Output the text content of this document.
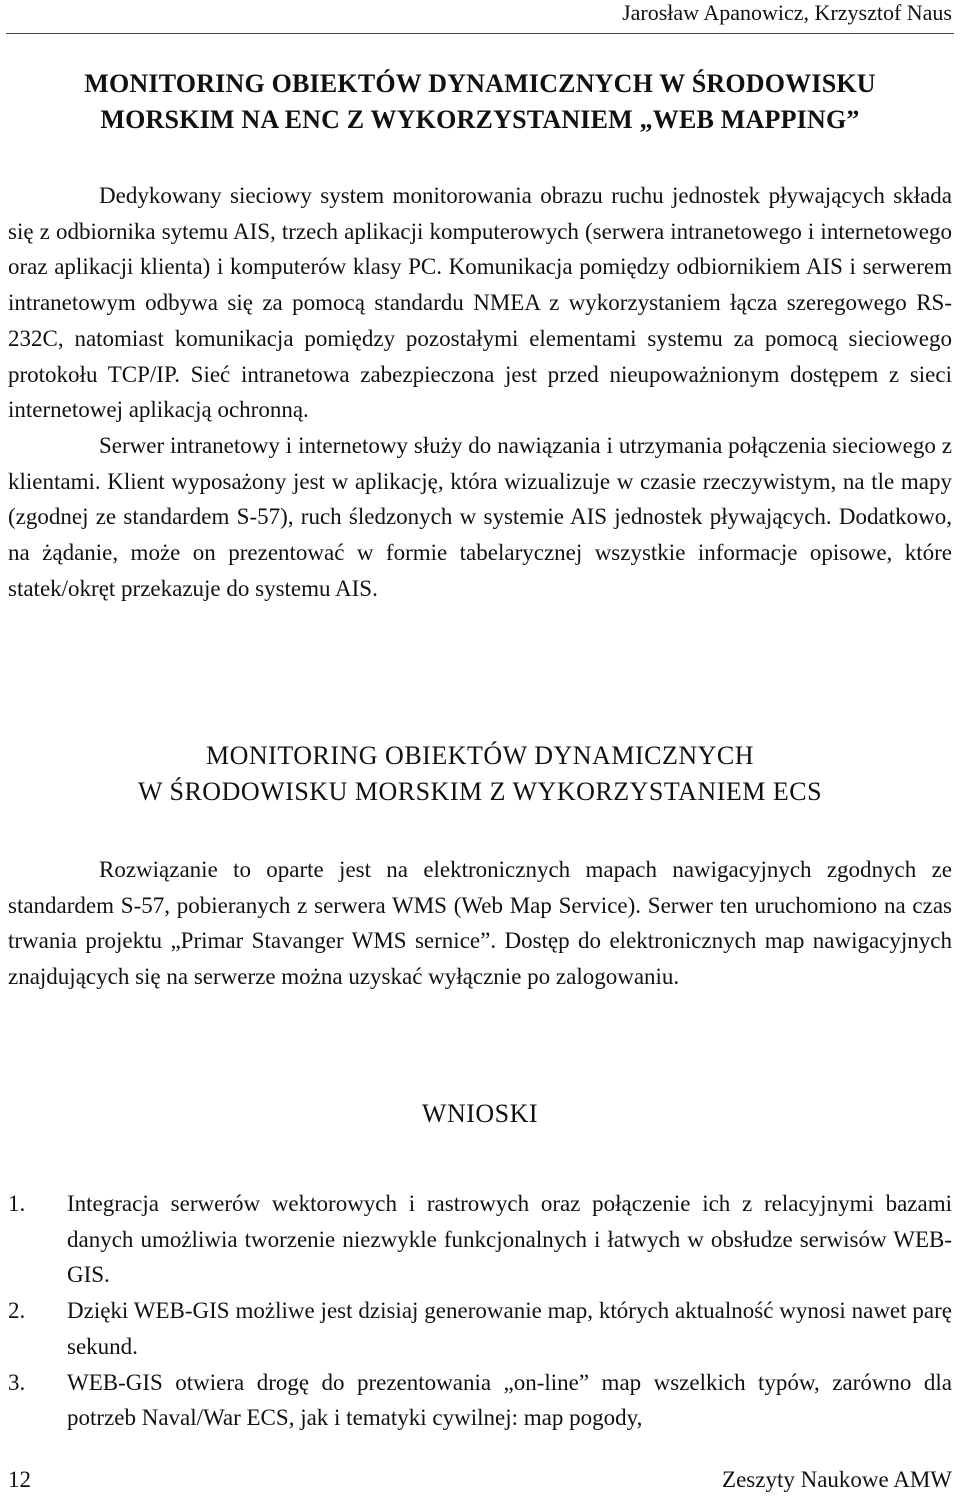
Jarosław Apanowicz, Krzysztof Naus
MONITORING OBIEKTÓW DYNAMICZNYCH W ŚRODOWISKU
MORSKIM NA ENC Z WYKORZYSTANIEM „WEB MAPPING”

Dedykowany sieciowy system monitorowania obrazu ruchu jednostek pływających składa się z odbiornika sytemu AIS, trzech aplikacji komputerowych (serwera intranetowego i internetowego oraz aplikacji klienta) i komputerów klasy PC. Komunikacja pomiędzy odbiornikiem AIS i serwerem intranetowym odbywa się za pomocą standardu NMEA z wykorzystaniem łącza szeregowego RS-232C, natomiast komunikacja pomiędzy pozostałymi elementami systemu za pomocą sieciowego protokołu TCP/IP. Sieć intranetowa zabezpieczona jest przed nieupoważnionym dostępem z sieci internetowej aplikacją ochronną.

Serwer intranetowy i internetowy służy do nawiązania i utrzymania połączenia sieciowego z klientami. Klient wyposażony jest w aplikację, która wizualizuje w czasie rzeczywistym, na tle mapy (zgodnej ze standardem S-57), ruch śledzonych w systemie AIS jednostek pływających. Dodatkowo, na żądanie, może on prezentować w formie tabelarycznej wszystkie informacje opisowe, które statek/okręt przekazuje do systemu AIS.

MONITORING OBIEKTÓW DYNAMICZNYCH
W ŚRODOWISKU MORSKIM Z WYKORZYSTANIEM ECS

Rozwiązanie to oparte jest na elektronicznych mapach nawigacyjnych zgodnych ze standardem S-57, pobieranych z serwera WMS (Web Map Service). Serwer ten uruchomiono na czas trwania projektu „Primar Stavanger WMS sernice”. Dostęp do elektronicznych map nawigacyjnych znajdujących się na serwerze można uzyskać wyłącznie po zalogowaniu.

WNIOSKI
1. Integracja serwerów wektorowych i rastrowych oraz połączenie ich z relacyjnymi bazami danych umożliwia tworzenie niezwykle funkcjonalnych i łatwych w obsłudze serwisów WEB-GIS.
2. Dzięki WEB-GIS możliwe jest dzisiaj generowanie map, których aktualność wynosi nawet parę sekund.
3. WEB-GIS otwiera drogę do prezentowania „on-line” map wszelkich typów, zarówno dla potrzeb Naval/War ECS, jak i tematyki cywilnej: map pogody,
12	Zeszyty Naukowe AMW
